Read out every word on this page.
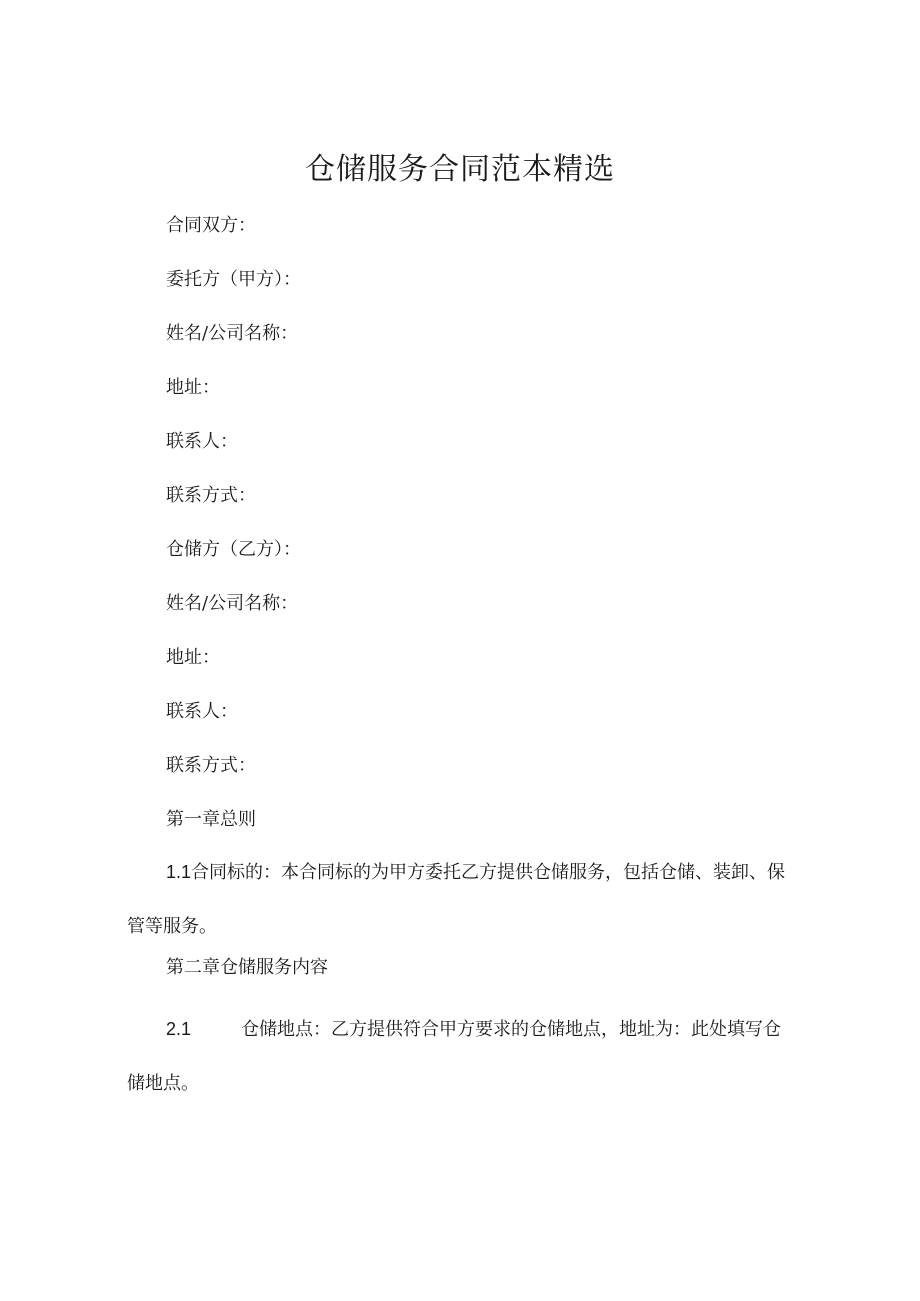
仓储服务合同范本精选

合同双方：

委托方（甲方）：

姓名/公司名称：

地址：

联系人：

联系方式：

仓储方（乙方）：

姓名/公司名称：

地址：

联系人：

联系方式：

第一章总则

1.1合同标的：本合同标的为甲方委托乙方提供仓储服务，包括仓储、装卸、保管等服务。

第二章仓储服务内容

2.1	仓储地点：乙方提供符合甲方要求的仓储地点，地址为：此处填写仓储地点。
